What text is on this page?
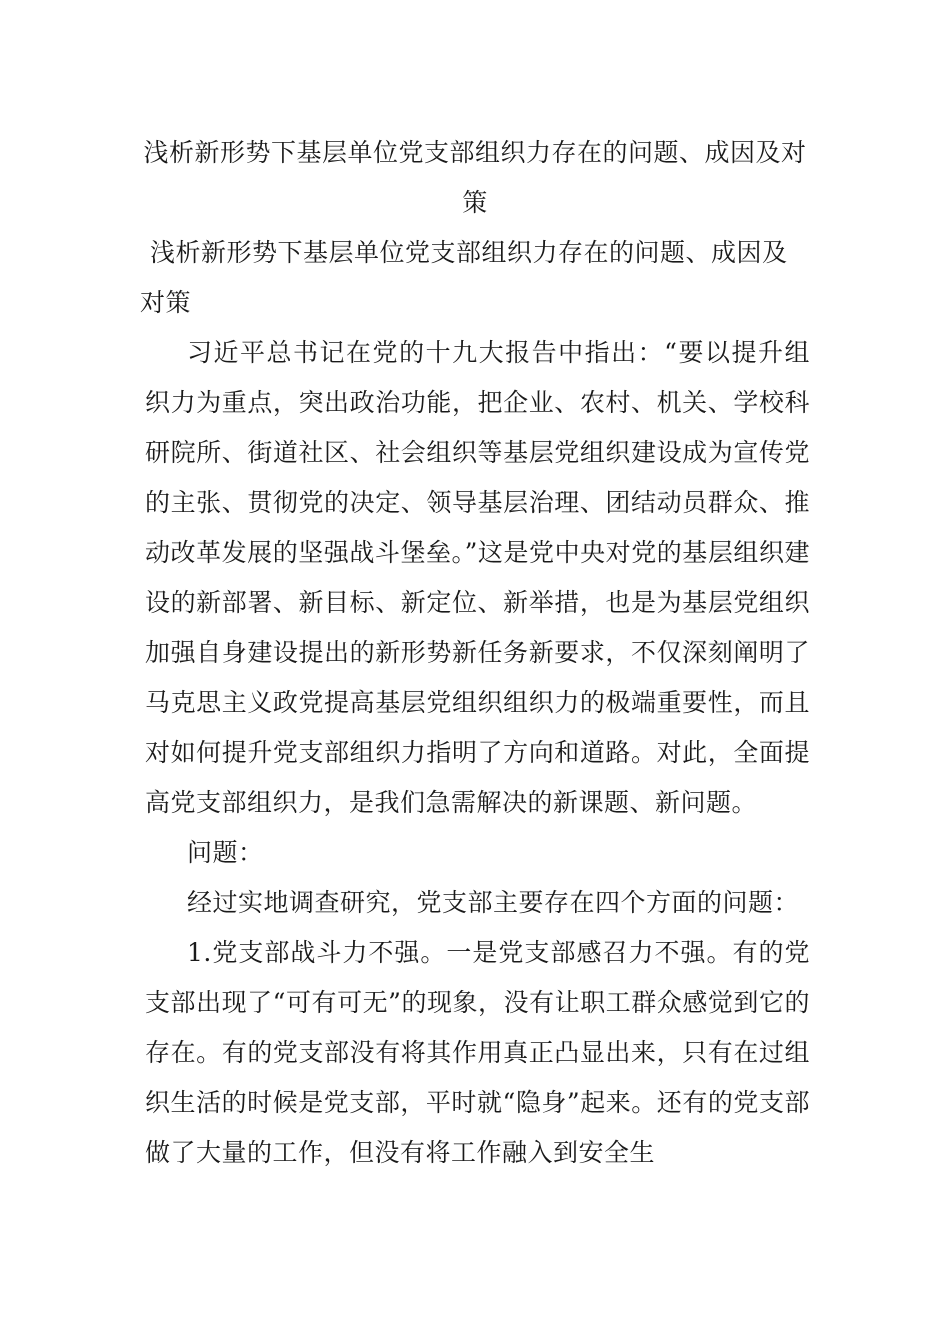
浅析新形势下基层单位党支部组织力存在的问题、成因及对策
浅析新形势下基层单位党支部组织力存在的问题、成因及对策

习近平总书记在党的十九大报告中指出：“要以提升组织力为重点，突出政治功能，把企业、农村、机关、学校科研院所、街道社区、社会组织等基层党组织建设成为宣传党的主张、贯彻党的决定、领导基层治理、团结动员群众、推动改革发展的坚强战斗堡垒。”这是党中央对党的基层组织建设的新部署、新目标、新定位、新举措，也是为基层党组织加强自身建设提出的新形势新任务新要求，不仅深刻阐明了马克思主义政党提高基层党组织组织力的极端重要性，而且对如何提升党支部组织力指明了方向和道路。对此，全面提高党支部组织力，是我们急需解决的新课题、新问题。

问题：

经过实地调查研究，党支部主要存在四个方面的问题：

1.党支部战斗力不强。一是党支部感召力不强。有的党支部出现了“可有可无”的现象，没有让职工群众感觉到它的存在。有的党支部没有将其作用真正凸显出来，只有在过组织生活的时候是党支部，平时就“隐身”起来。还有的党支部做了大量的工作，但没有将工作融入到安全生
